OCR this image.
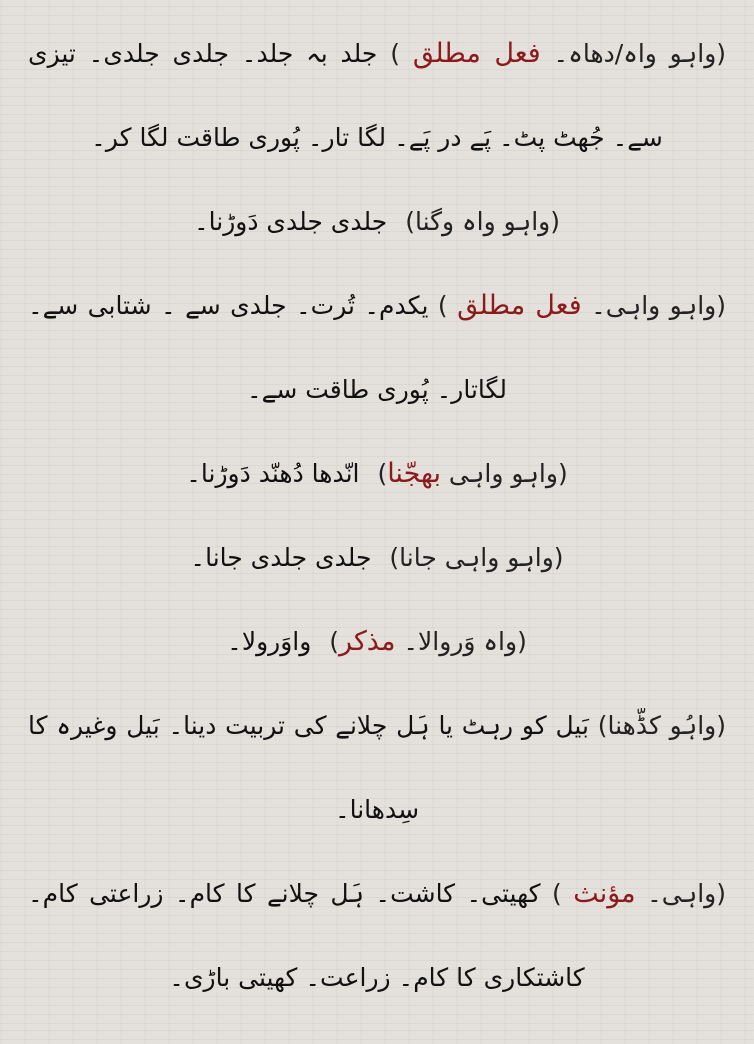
(واہو واہ/دھاہ۔ فعل مطلق ) جلد بہ جلد۔ جلدی جلدی۔ تیزی
سے۔ جُھٹ پٹ۔ پَے در پَے۔ لگا تار۔ پُوری طاقت لگا کر۔
(واہو واہ وگنا) جلدی جلدی دَوڑنا۔
(واہو واہی۔ فعل مطلق ) یکدم۔ تُرت۔ جلدی سے ۔ شتابی سے۔
لگاتار۔ پُوری طاقت سے۔
(واہو واہی بھجّنا) انّدھا دُھنّد دَوڑنا۔
(واہو واہی جانا) جلدی جلدی جانا۔
(واہ وَروالا۔ مذکر) واوَرولا۔
(واہُو کڈّھنا) بَیل کو رہٹ یا ہَل چلانے کی تربیت دینا۔ بَیل وغیرہ کا
سِدھانا۔
(واہی۔ مؤنث ) کھیتی۔ کاشت۔ ہَل چلانے کا کام۔ زراعتی کام۔
کاشتکاری کا کام۔ زراعت۔ کھیتی باڑی۔
